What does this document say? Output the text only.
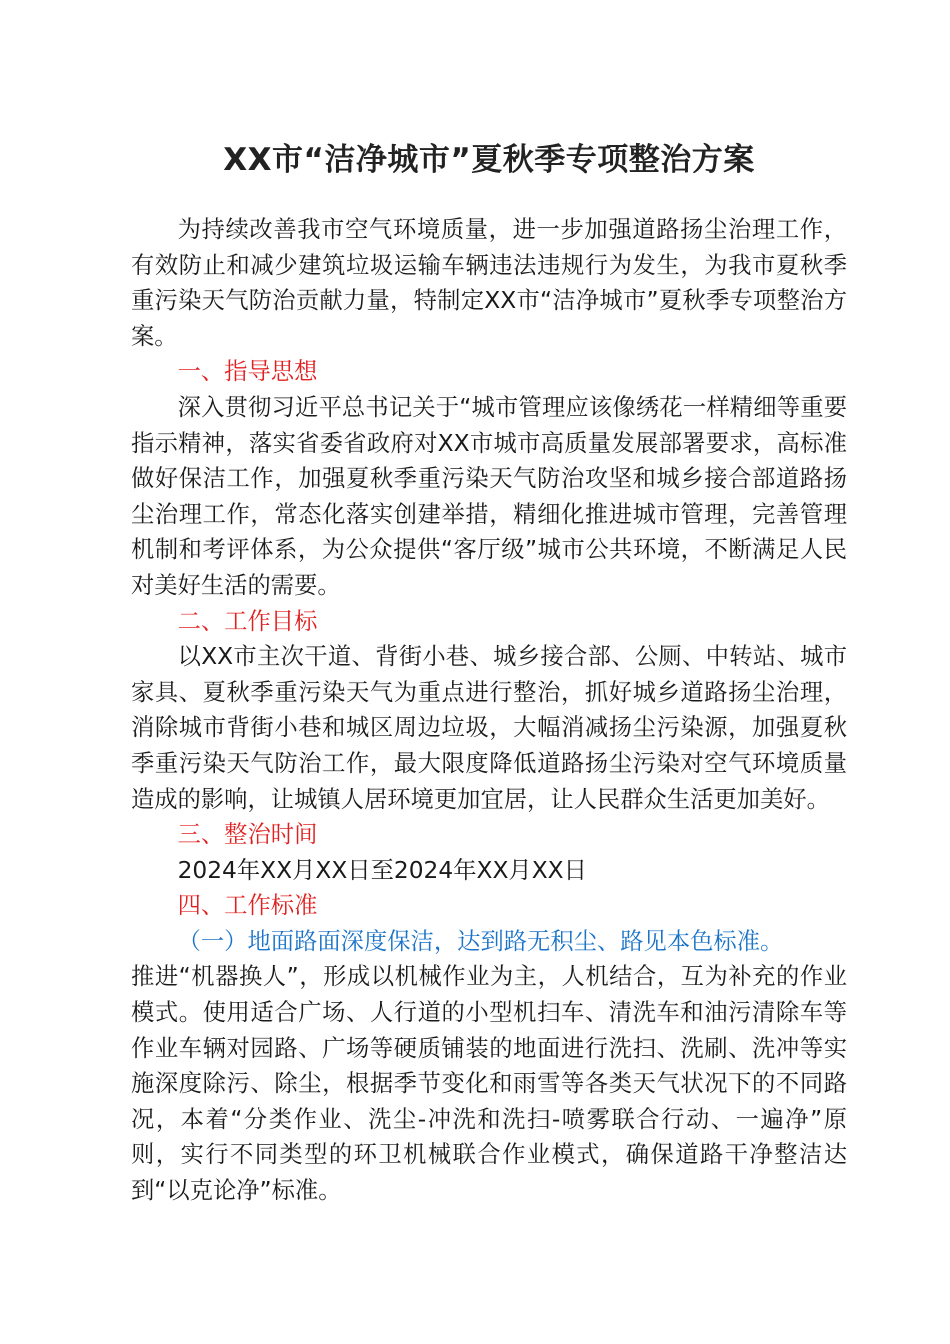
XX市“洁净城市”夏秋季专项整治方案

为持续改善我市空气环境质量，进一步加强道路扬尘治理工作，有效防止和减少建筑垃圾运输车辆违法违规行为发生，为我市夏秋季重污染天气防治贡献力量，特制定XX市“洁净城市”夏秋季专项整治方案。

一、指导思想

深入贯彻习近平总书记关于“城市管理应该像绣花一样精细等重要指示精神，落实省委省政府对XX市城市高质量发展部署要求，高标准做好保洁工作，加强夏秋季重污染天气防治攻坚和城乡接合部道路扬尘治理工作，常态化落实创建举措，精细化推进城市管理，完善管理机制和考评体系，为公众提供“客厅级”城市公共环境，不断满足人民对美好生活的需要。

二、工作目标

以XX市主次干道、背街小巷、城乡接合部、公厕、中转站、城市家具、夏秋季重污染天气为重点进行整治，抓好城乡道路扬尘治理，消除城市背街小巷和城区周边垃圾，大幅消减扬尘污染源，加强夏秋季重污染天气防治工作，最大限度降低道路扬尘污染对空气环境质量造成的影响，让城镇人居环境更加宜居，让人民群众生活更加美好。

三、整治时间

2024年XX月XX日至2024年XX月XX日

四、工作标准
（一）地面路面深度保洁，达到路无积尘、路见本色标准。

推进“机器换人”，形成以机械作业为主，人机结合，互为补充的作业模式。使用适合广场、人行道的小型机扫车、清洗车和油污清除车等作业车辆对园路、广场等硬质铺装的地面进行洗扫、洗刷、洗冲等实施深度除污、除尘，根据季节变化和雨雪等各类天气状况下的不同路况，本着“分类作业、洗尘-冲洗和洗扫-喷雾联合行动、一遍净”原则，实行不同类型的环卫机械联合作业模式，确保道路干净整洁达到“以克论净”标准。
